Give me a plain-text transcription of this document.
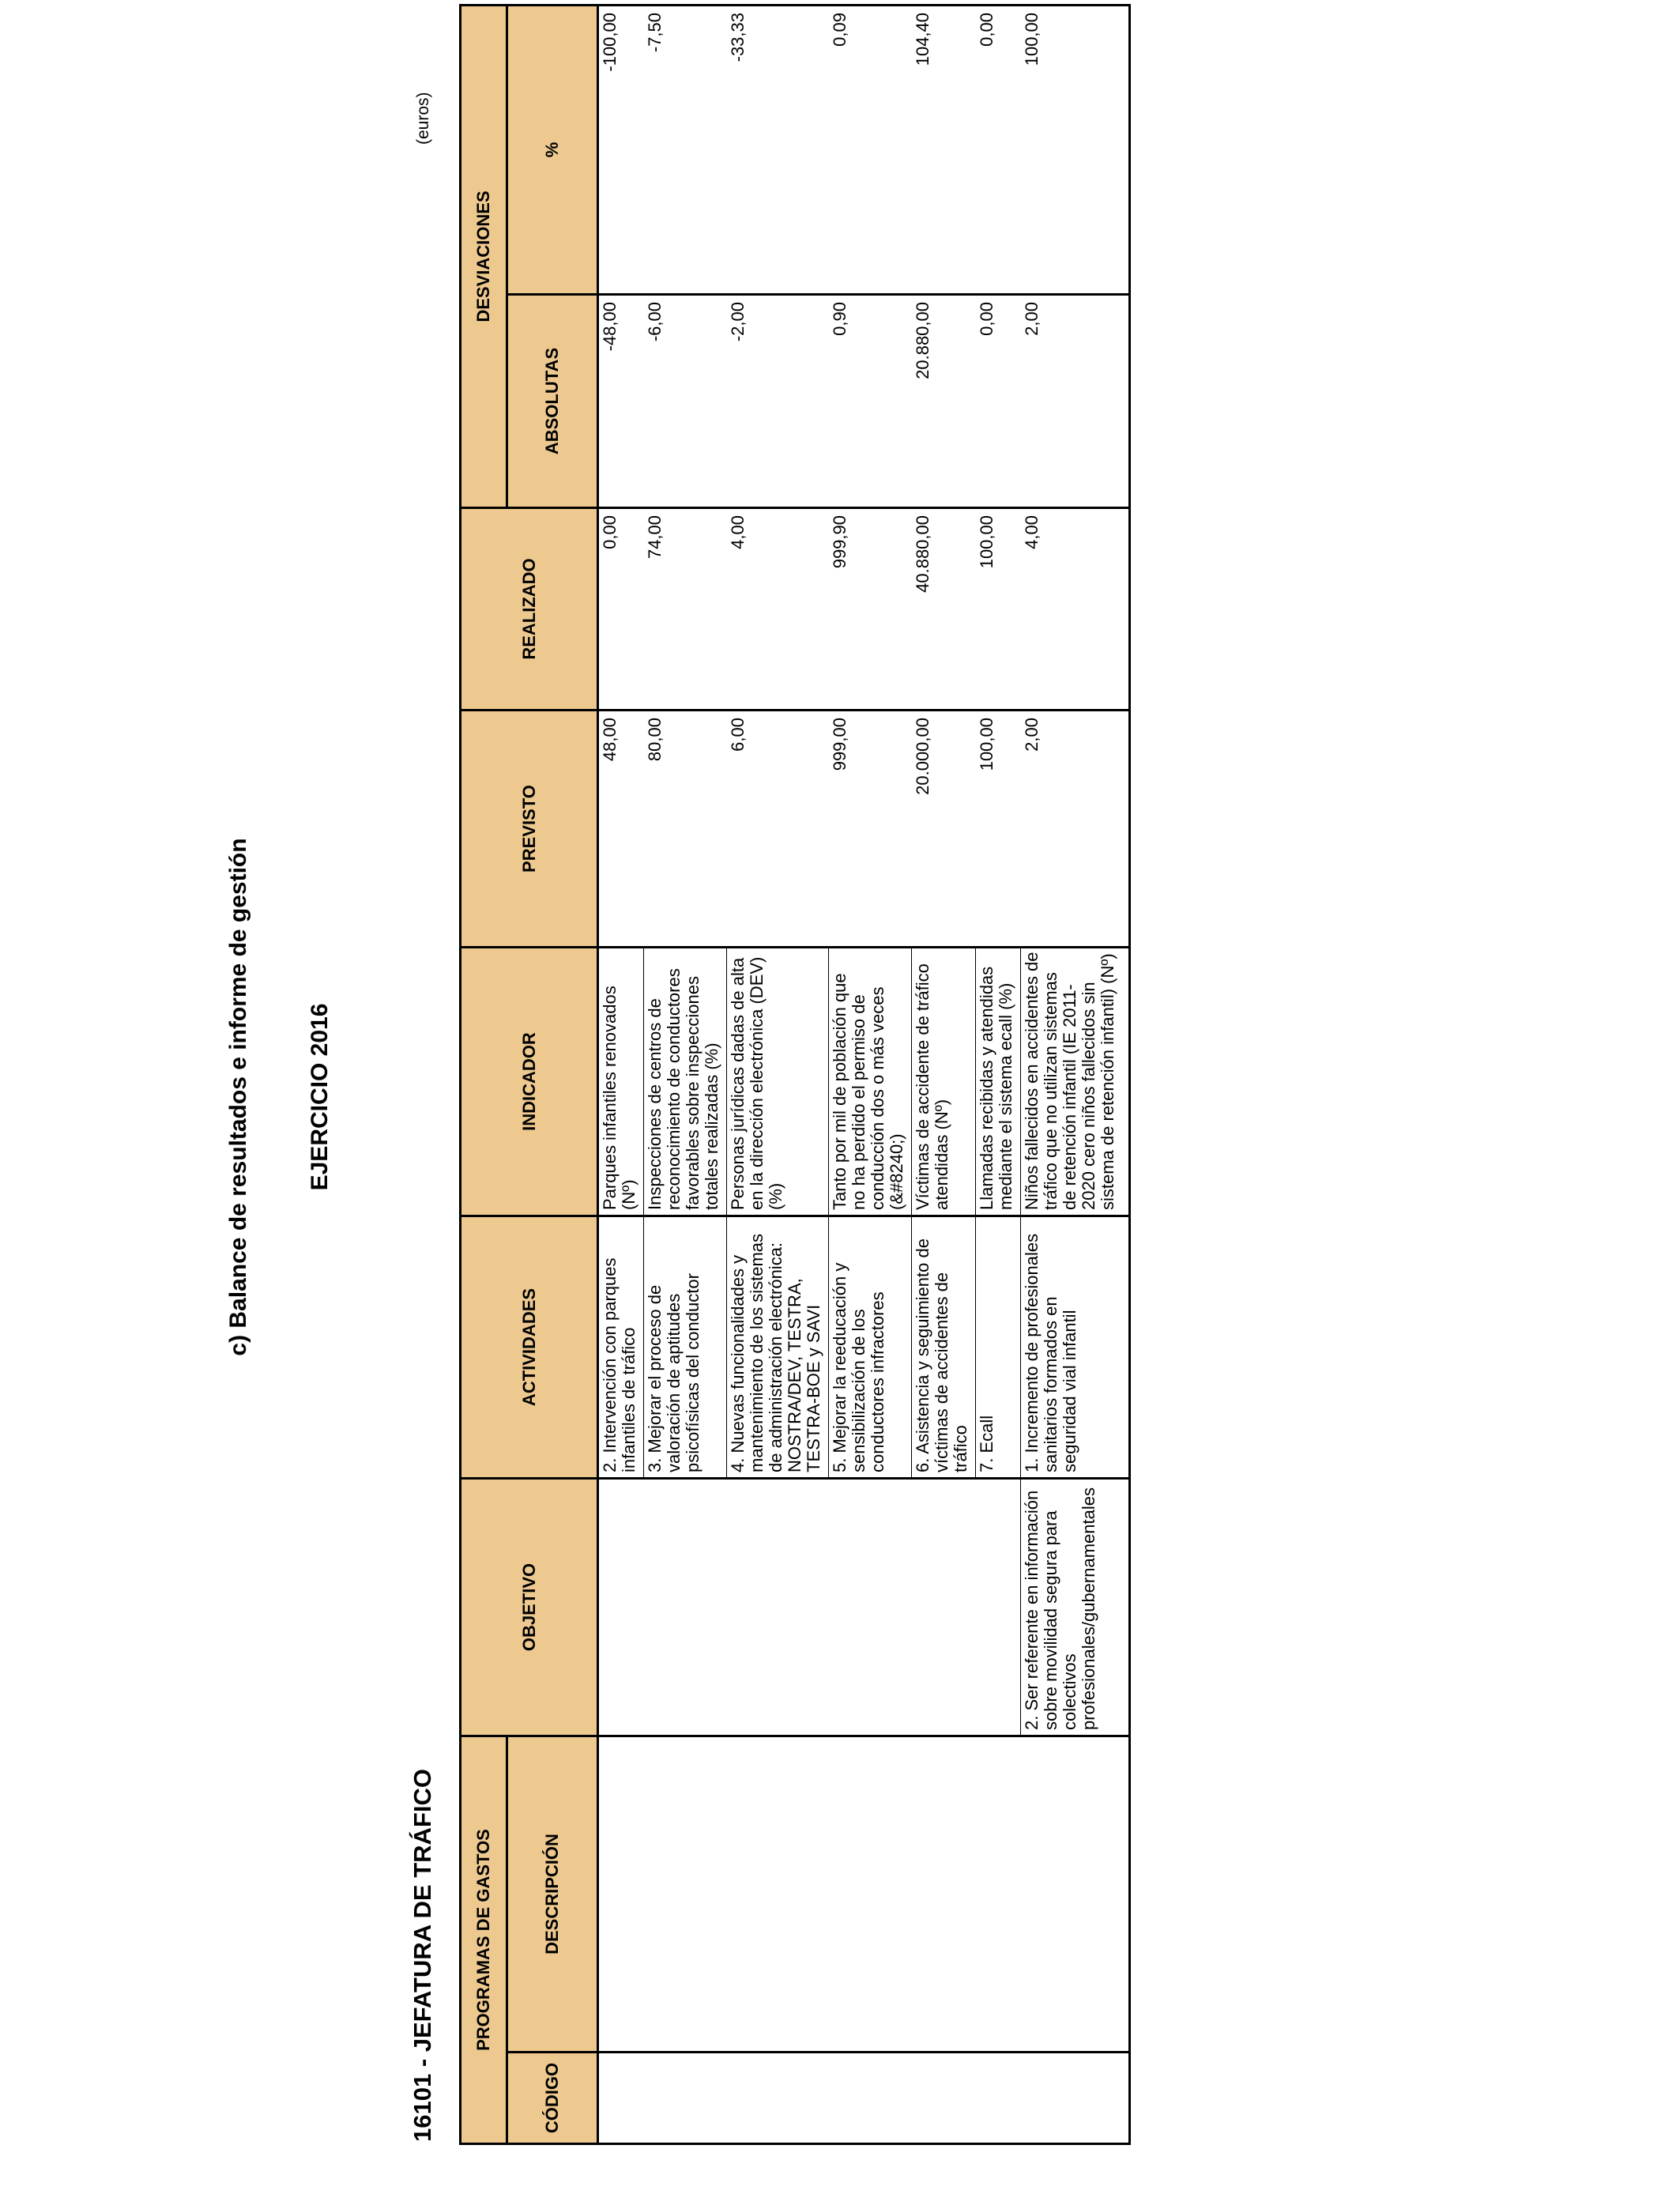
c) Balance de resultados e informe de gestión EJERCICIO 2016
16101 - JEFATURA DE TRÁFICO
(euros)
PROGRAMAS DE GASTOS		OBJETIVO	ACTIVIDADES	INDICADOR	PREVISTO	REALIZADO	DESVIACIONES	
CÓDIGO	DESCRIPCIÓN						ABSOLUTAS	%
			2. Intervención con parques infantiles de tráfico	Parques infantiles renovados (Nº)	48,00	0,00	-48,00	-100,00
			3. Mejorar el proceso de valoración de aptitudes psicofísicas del conductor	Inspecciones de centros de reconocimiento de conductores favorables sobre inspecciones totales realizadas (%)	80,00	74,00	-6,00	-7,50
			4. Nuevas funcionalidades y mantenimiento de los sistemas de administración electrónica: NOSTRA/DEV, TESTRA, TESTRA-BOE y SAVI	Personas jurídicas dadas de alta en la dirección electrónica (DEV) (%)	6,00	4,00	-2,00	-33,33
			5. Mejorar la reeducación y sensibilización de los conductores infractores	Tanto por mil de población que no ha perdido el permiso de conducción dos o más veces (&#8240;)	999,00	999,90	0,90	0,09
			6. Asistencia y seguimiento de víctimas de accidentes de tráfico	Víctimas de accidente de tráfico atendidas (Nº)	20.000,00	40.880,00	20.880,00	104,40
			7. Ecall	Llamadas recibidas y atendidas mediante el sistema ecall (%)	100,00	100,00	0,00	0,00
		2. Ser referente en información sobre movilidad segura para colectivos profesionales/gubernamentales	1. Incremento de profesionales sanitarios formados en seguridad vial infantil	Niños fallecidos en accidentes de tráfico que no utilizan sistemas de retención infantil (IE 2011-2020 cero niños fallecidos sin sistema de retención infantil) (Nº)	2,00	4,00	2,00	100,00
